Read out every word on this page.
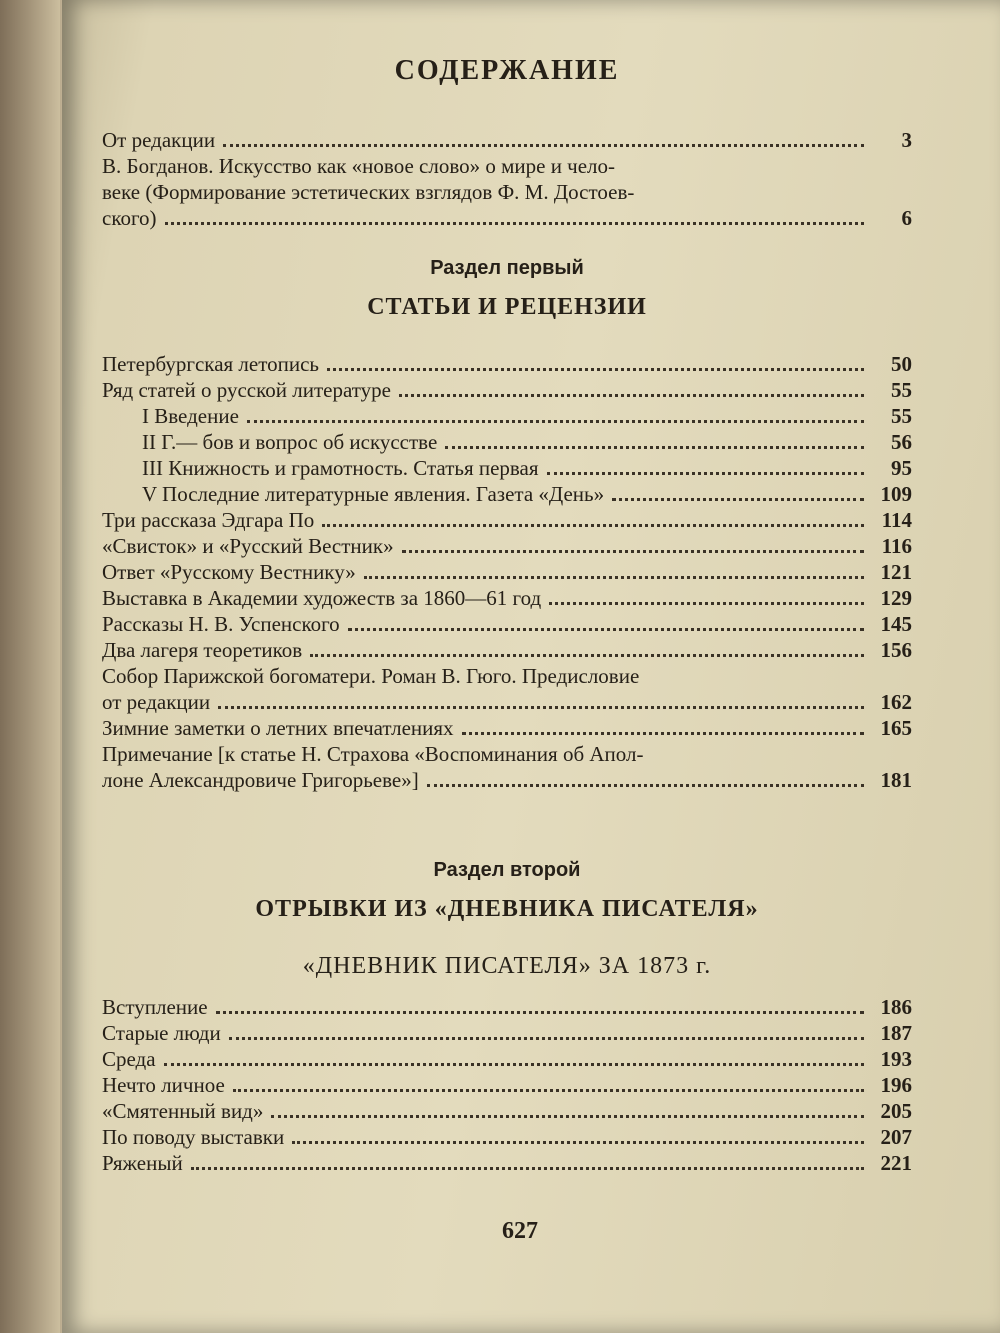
СОДЕРЖАНИЕ
От редакции	3
В. Богданов. Искусство как «новое слово» о мире и чело-
веке (Формирование эстетических взглядов Ф. М. Достоев-
ского)	6
Раздел первый
СТАТЬИ И РЕЦЕНЗИИ
Петербургская летопись	50
Ряд статей о русской литературе	55
I Введение	55
II Г.— бов и вопрос об искусстве	56
III Книжность и грамотность. Статья первая	95
V Последние литературные явления. Газета «День»	109
Три рассказа Эдгара По	114
«Свисток» и «Русский Вестник»	116
Ответ «Русскому Вестнику»	121
Выставка в Академии художеств за 1860—61 год	129
Рассказы Н. В. Успенского	145
Два лагеря теоретиков	156
Собор Парижской богоматери. Роман В. Гюго. Предисловие
от редакции	162
Зимние заметки о летних впечатлениях	165
Примечание [к статье Н. Страхова «Воспоминания об Апол-
лоне Александровиче Григорьеве»]	181
Раздел второй
ОТРЫВКИ ИЗ «ДНЕВНИКА ПИСАТЕЛЯ»
«ДНЕВНИК ПИСАТЕЛЯ» ЗА 1873 г.
Вступление	186
Старые люди	187
Среда	193
Нечто личное	196
«Смятенный вид»	205
По поводу выставки	207
Ряженый	221
627
